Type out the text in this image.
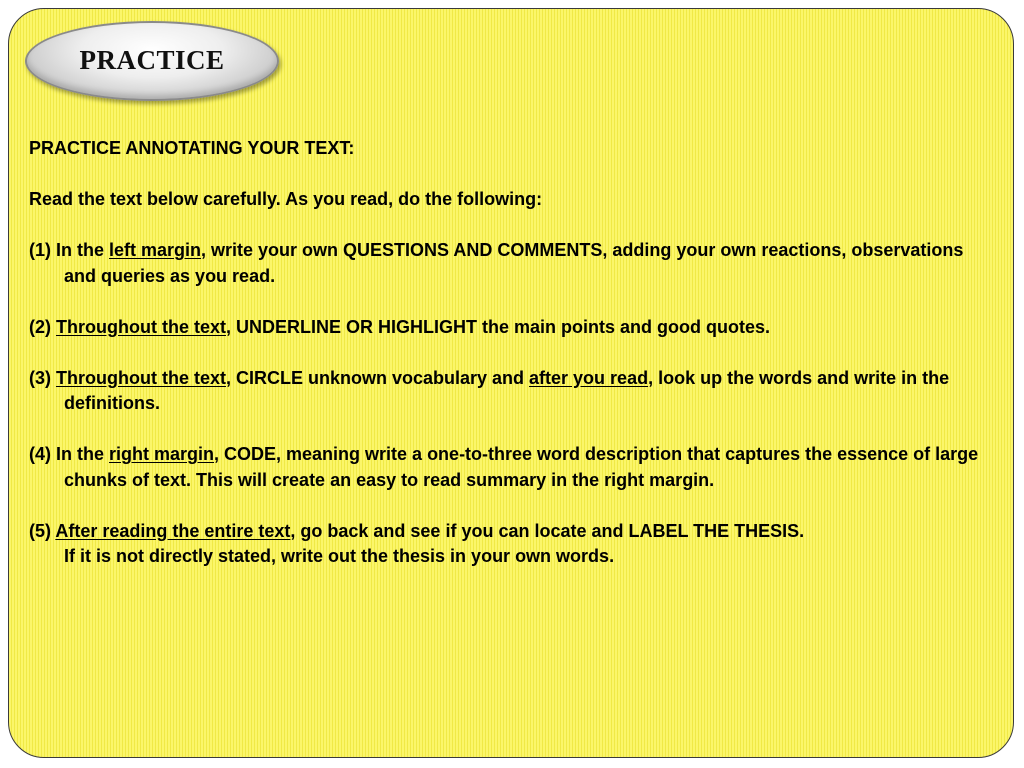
PRACTICE

PRACTICE ANNOTATING YOUR TEXT:

Read the text below carefully. As you read, do the following:

(1) In the left margin, write your own QUESTIONS AND COMMENTS, adding your own reactions, observations and queries as you read.

(2) Throughout the text, UNDERLINE OR HIGHLIGHT the main points and good quotes.

(3) Throughout the text, CIRCLE unknown vocabulary and after you read, look up the words and write in the definitions.

(4) In the right margin, CODE, meaning write a one-to-three word description that captures the essence of large chunks of text. This will create an easy to read summary in the right margin.

(5) After reading the entire text, go back and see if you can locate and LABEL THE THESIS.
If it is not directly stated, write out the thesis in your own words.
